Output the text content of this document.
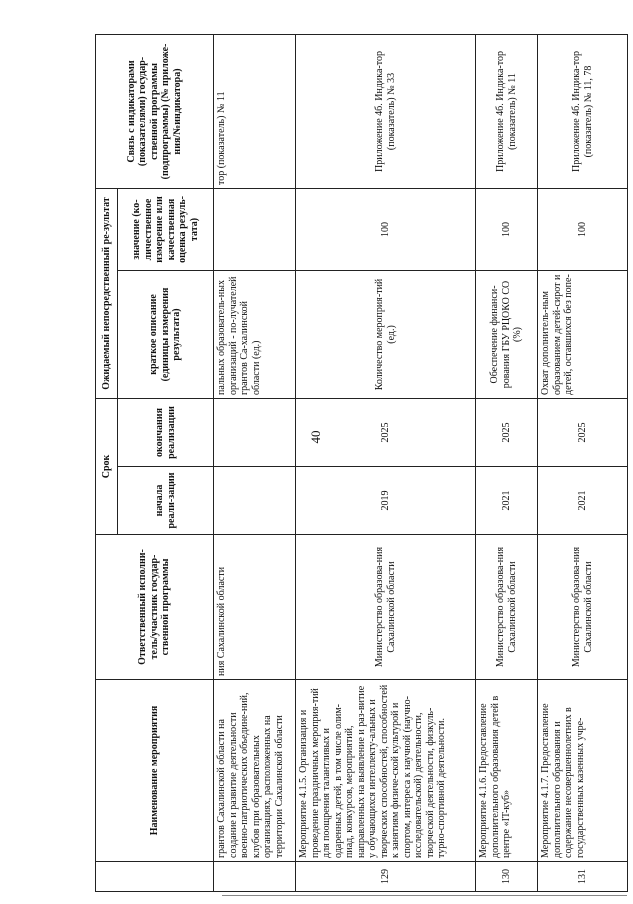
40
	Наименование мероприятия	Ответственный исполни-тель/участник государ-ственной программы	Срок		Ожидаемый непосредственный ре-зультат		Связь с индикаторами (показателями) государ-ственной программы (подпрограммы) (№ приложе-ния/№индикатора)
			начала реали-зации	окончания реализации	краткое описание (единицы измерения результата)	значение (ко-личественное измерение или качественная оценка резуль-тата)	

	грантов Сахалинской области на создание и развитие деятельности военно-патриотических объедине-ний, клубов при образовательных организациях, расположенных на территории Сахалинской области	ния Сахалинской области			пальных образователь-ных организаций - по-лучателей грантов Са-халинской области (ед.)		тор (показатель) № 11
129	Мероприятие 4.1.5. Организация и проведение праздничных мероприя-тий для поощрения талантливых и одаренных детей, в том числе олим-пиад, конкурсов, мероприятий, направленных на выявление и раз-витие у обучающихся интеллекту-альных и творческих способностей, способностей к занятиям физиче-ской культурой и спортом, интереса к научной (научно-исследовательской) деятельности, творческой деятельности, физкуль-турно-спортивной деятельности.	Министерство образова-ния Сахалинской области	2019	2025	Количество мероприя-тий (ед.)	100	Приложение 4б. Индика-тор (показатель) № 33
130	Мероприятие 4.1.6. Предоставление дополнительного образования детей в центре «IT-куб»	Министерство образова-ния Сахалинской области	2021	2025	Обеспечение финанси-рования ГБУ РЦОКО СО (%)	100	Приложение 4б. Индика-тор (показатель) № 11
131	Мероприятие 4.1.7. Предоставление дополнительного образования и содержание несовершеннолетних в государственных казенных учре-	Министерство образова-ния Сахалинской области	2021	2025	Охват дополнитель-ным образованием детей-сирот и детей, оставшихся без попе-	100	Приложение 4б. Индика-тор (показатель) № 11, 78
